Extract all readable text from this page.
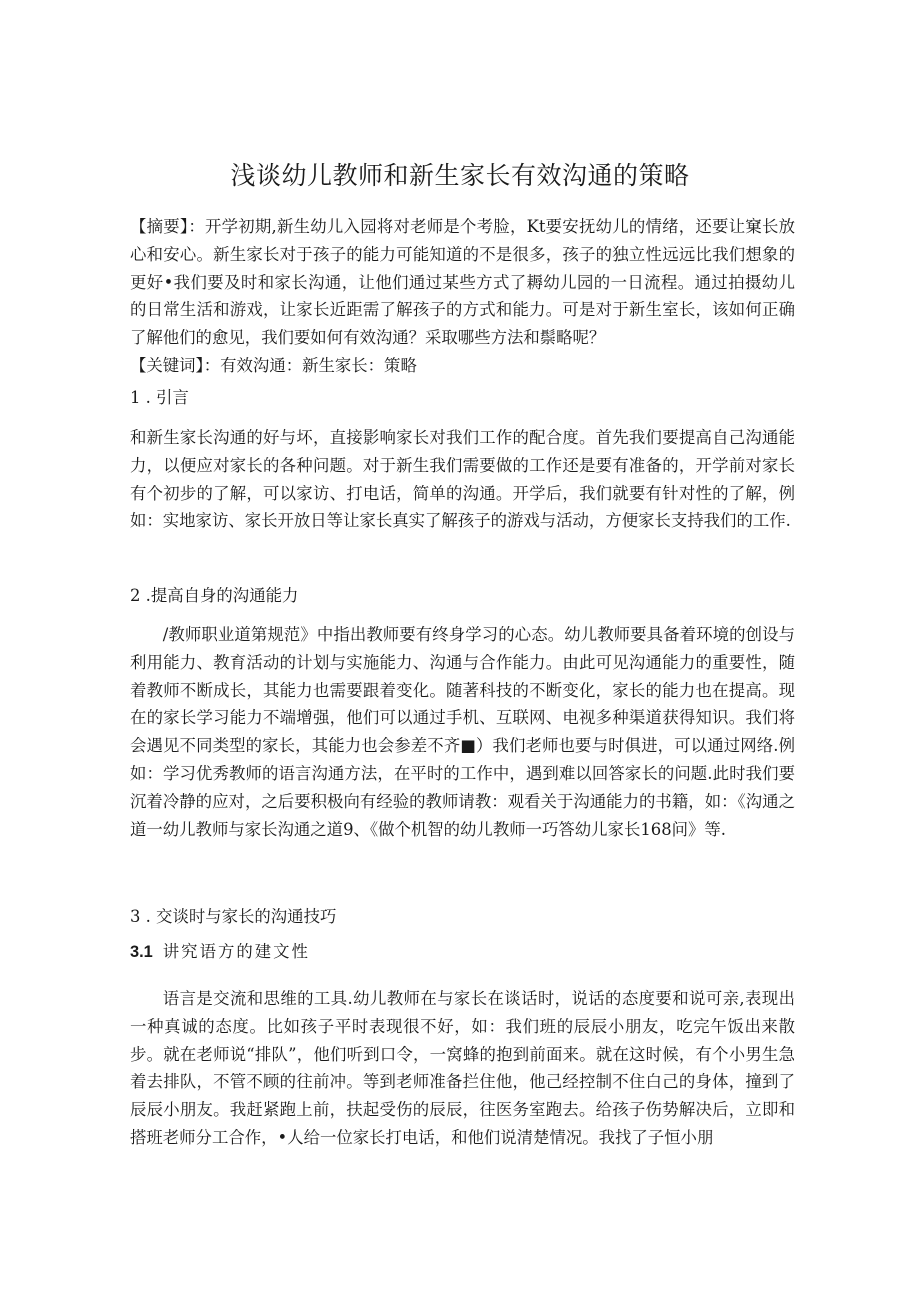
浅谈幼儿教师和新生家长有效沟通的策略

【摘要】：开学初期,新生幼儿入园将对老师是个考脸，Kt要安抚幼儿的情绪，还要让窠长放心和安心。新生家长对于孩子的能力可能知道的不是很多，孩子的独立性远远比我们想象的更好•我们要及时和家长沟通，让他们通过某些方式了耨幼儿园的一日流程。通过拍摄幼儿的日常生活和游戏，让家长近距需了解孩子的方式和能力。可是对于新生室长，该如何正确了解他们的愈见，我们要如何有效沟通？采取哪些方法和鬃略呢？

【关键词】：有效沟通：新生家长：策略

1 . 引言

和新生家长沟通的好与坏，直接影响家长对我们工作的配合度。首先我们要提高自己沟通能力，以便应对家长的各种问题。对于新生我们需要做的工作还是要有准备的，开学前对家长有个初步的了解，可以家访、打电话，简单的沟通。开学后，我们就要有针对性的了解，例如：实地家访、家长开放日等让家长真实了解孩子的游戏与活动，方便家长支持我们的工作.

2 .提高自身的沟通能力

/教师职业道第规范》中指出教师要有终身学习的心态。幼儿教师要具备着环境的创设与利用能力、教育活动的计划与实施能力、沟通与合作能力。由此可见沟通能力的重要性，随着教师不断成长，其能力也需要跟着变化。随著科技的不断变化，家长的能力也在提高。现在的家长学习能力不端增强，他们可以通过手机、互联网、电视多种渠道获得知识。我们将会遇见不同类型的家长，其能力也会参差不齐■）我们老师也要与时俱进，可以通过网络.例如：学习优秀教师的语言沟通方法，在平时的工作中，遇到难以回答家长的问题.此时我们要沉着冷静的应对，之后要积极向有经验的教师请教：观看关于沟通能力的书籍，如：《沟通之道一幼儿教师与家长沟通之道9、《做个机智的幼儿教师一巧答幼儿家长168问》等.

3 . 交谈时与家长的沟通技巧

3.1 讲究语方的建文性

语言是交流和思维的工具.幼儿教师在与家长在谈话时，说话的态度要和说可亲,表现出一种真诚的态度。比如孩子平时表现很不好，如：我们班的辰辰小朋友，吃完午饭出来散步。就在老师说“排队”，他们听到口令，一窝蜂的抱到前面来。就在这时候，有个小男生急着去排队，不管不顾的往前冲。等到老师准备拦住他，他己经控制不住白己的身体，撞到了辰辰小朋友。我赶紧跑上前，扶起受伤的辰辰，往医务室跑去。给孩子伤势解决后，立即和搭班老师分工合作，•人给一位家长打电话，和他们说清楚情况。我找了子恒小朋
